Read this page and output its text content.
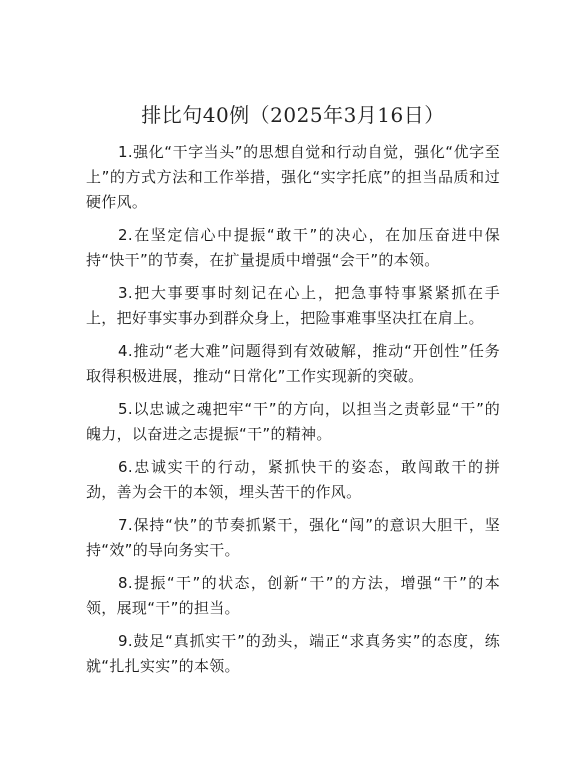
排比句40例（2025年3月16日）

1.强化“干字当头”的思想自觉和行动自觉，强化“优字至上”的方式方法和工作举措，强化“实字托底”的担当品质和过硬作风。

2.在坚定信心中提振“敢干”的决心，在加压奋进中保持“快干”的节奏，在扩量提质中增强“会干”的本领。

3.把大事要事时刻记在心上，把急事特事紧紧抓在手上，把好事实事办到群众身上，把险事难事坚决扛在肩上。

4.推动“老大难”问题得到有效破解，推动“开创性”任务取得积极进展，推动“日常化”工作实现新的突破。

5.以忠诚之魂把牢“干”的方向，以担当之责彰显“干”的魄力，以奋进之志提振“干”的精神。

6.忠诚实干的行动，紧抓快干的姿态，敢闯敢干的拼劲，善为会干的本领，埋头苦干的作风。

7.保持“快”的节奏抓紧干，强化“闯”的意识大胆干，坚持“效”的导向务实干。

8.提振“干”的状态，创新“干”的方法，增强“干”的本领，展现“干”的担当。

9.鼓足“真抓实干”的劲头，端正“求真务实”的态度，练就“扎扎实实”的本领。
